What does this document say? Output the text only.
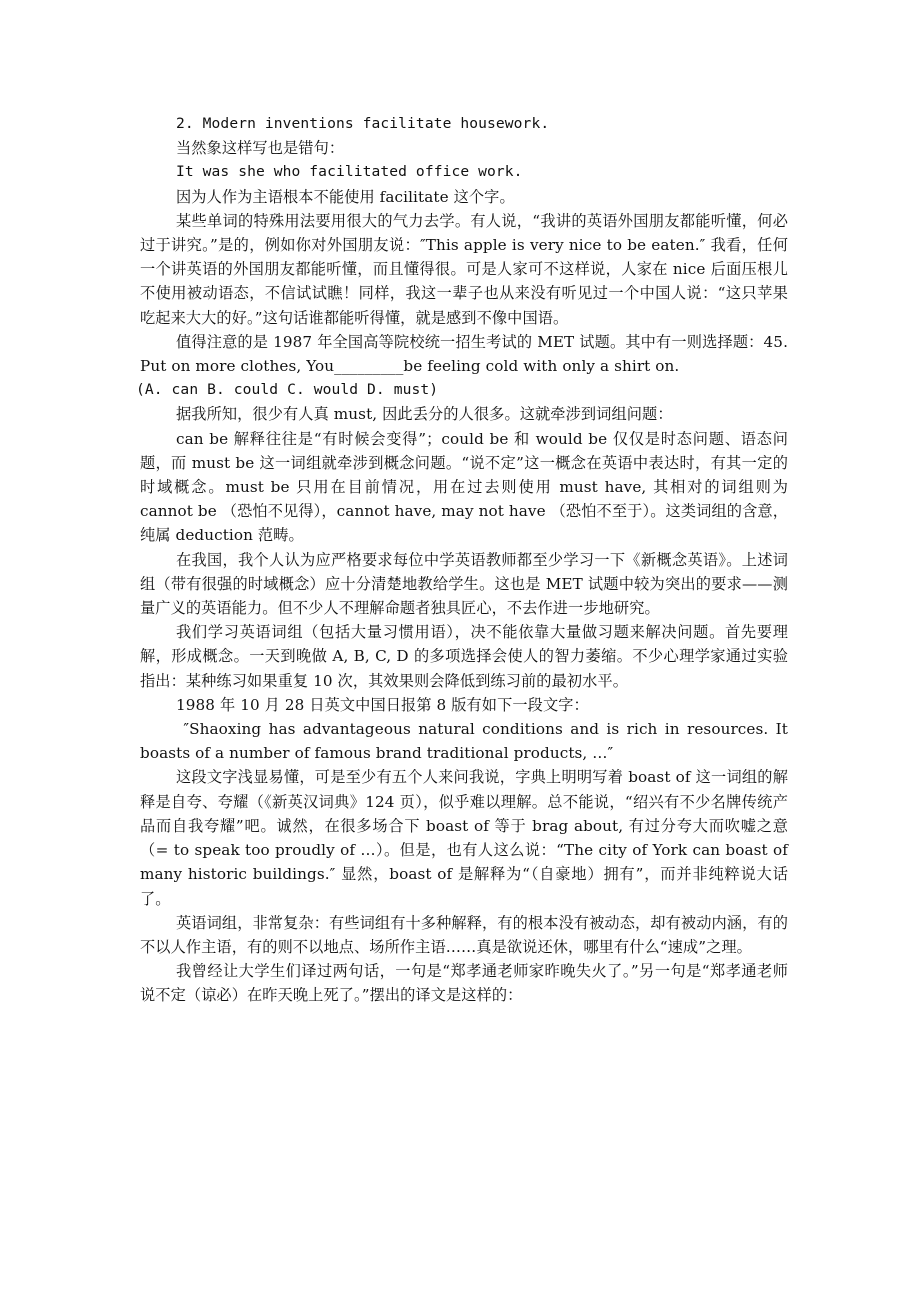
2. Modern inventions facilitate housework.

当然象这样写也是错句：

It was she who facilitated office work.

因为人作为主语根本不能使用 facilitate 这个字。

某些单词的特殊用法要用很大的气力去学。有人说，“我讲的英语外国朋友都能听懂，何必过于讲究。”是的，例如你对外国朋友说：″This apple is very nice to be eaten.″ 我看，任何一个讲英语的外国朋友都能听懂，而且懂得很。可是人家可不这样说，人家在 nice 后面压根儿不使用被动语态，不信试试瞧！同样，我这一辈子也从来没有听见过一个中国人说：“这只苹果吃起来大大的好。”这句话谁都能听得懂，就是感到不像中国语。

值得注意的是 1987 年全国高等院校统一招生考试的 MET 试题。其中有一则选择题：45. Put on more clothes, You_________be feeling cold with only a shirt on.

(A. can B. could C. would D. must)

据我所知，很少有人真 must, 因此丢分的人很多。这就牵涉到词组问题：

can be 解释往往是“有时候会变得”；could be 和 would be 仅仅是时态问题、语态问题，而 must be 这一词组就牵涉到概念问题。“说不定”这一概念在英语中表达时，有其一定的时域概念。must be 只用在目前情况，用在过去则使用 must have, 其相对的词组则为 cannot be （恐怕不见得），cannot have, may not have （恐怕不至于）。这类词组的含意，纯属 deduction 范畴。

在我国，我个人认为应严格要求每位中学英语教师都至少学习一下《新概念英语》。上述词组（带有很强的时域概念）应十分清楚地教给学生。这也是 MET 试题中较为突出的要求——测量广义的英语能力。但不少人不理解命题者独具匠心，不去作进一步地研究。

我们学习英语词组（包括大量习惯用语），决不能依靠大量做习题来解决问题。首先要理解，形成概念。一天到晚做 A, B, C, D 的多项选择会使人的智力萎缩。不少心理学家通过实验指出：某种练习如果重复 10 次，其效果则会降低到练习前的最初水平。

1988 年 10 月 28 日英文中国日报第 8 版有如下一段文字：

″Shaoxing has advantageous natural conditions and is rich in resources. It boasts of a number of famous brand traditional products, …″

这段文字浅显易懂，可是至少有五个人来问我说，字典上明明写着 boast of 这一词组的解释是自夸、夸耀（《新英汉词典》124 页），似乎难以理解。总不能说，“绍兴有不少名牌传统产品而自我夸耀”吧。诚然，在很多场合下 boast of 等于 brag about, 有过分夸大而吹嘘之意（= to speak too proudly of …）。但是，也有人这么说：“The city of York can boast of many historic buildings.″ 显然，boast of 是解释为“（自豪地）拥有”，而并非纯粹说大话了。

英语词组，非常复杂：有些词组有十多种解释，有的根本没有被动态，却有被动内涵，有的不以人作主语，有的则不以地点、场所作主语……真是欲说还休，哪里有什么“速成”之理。

我曾经让大学生们译过两句话，一句是“郑孝通老师家昨晚失火了。”另一句是“郑孝通老师说不定（谅必）在昨天晚上死了。”摆出的译文是这样的：
